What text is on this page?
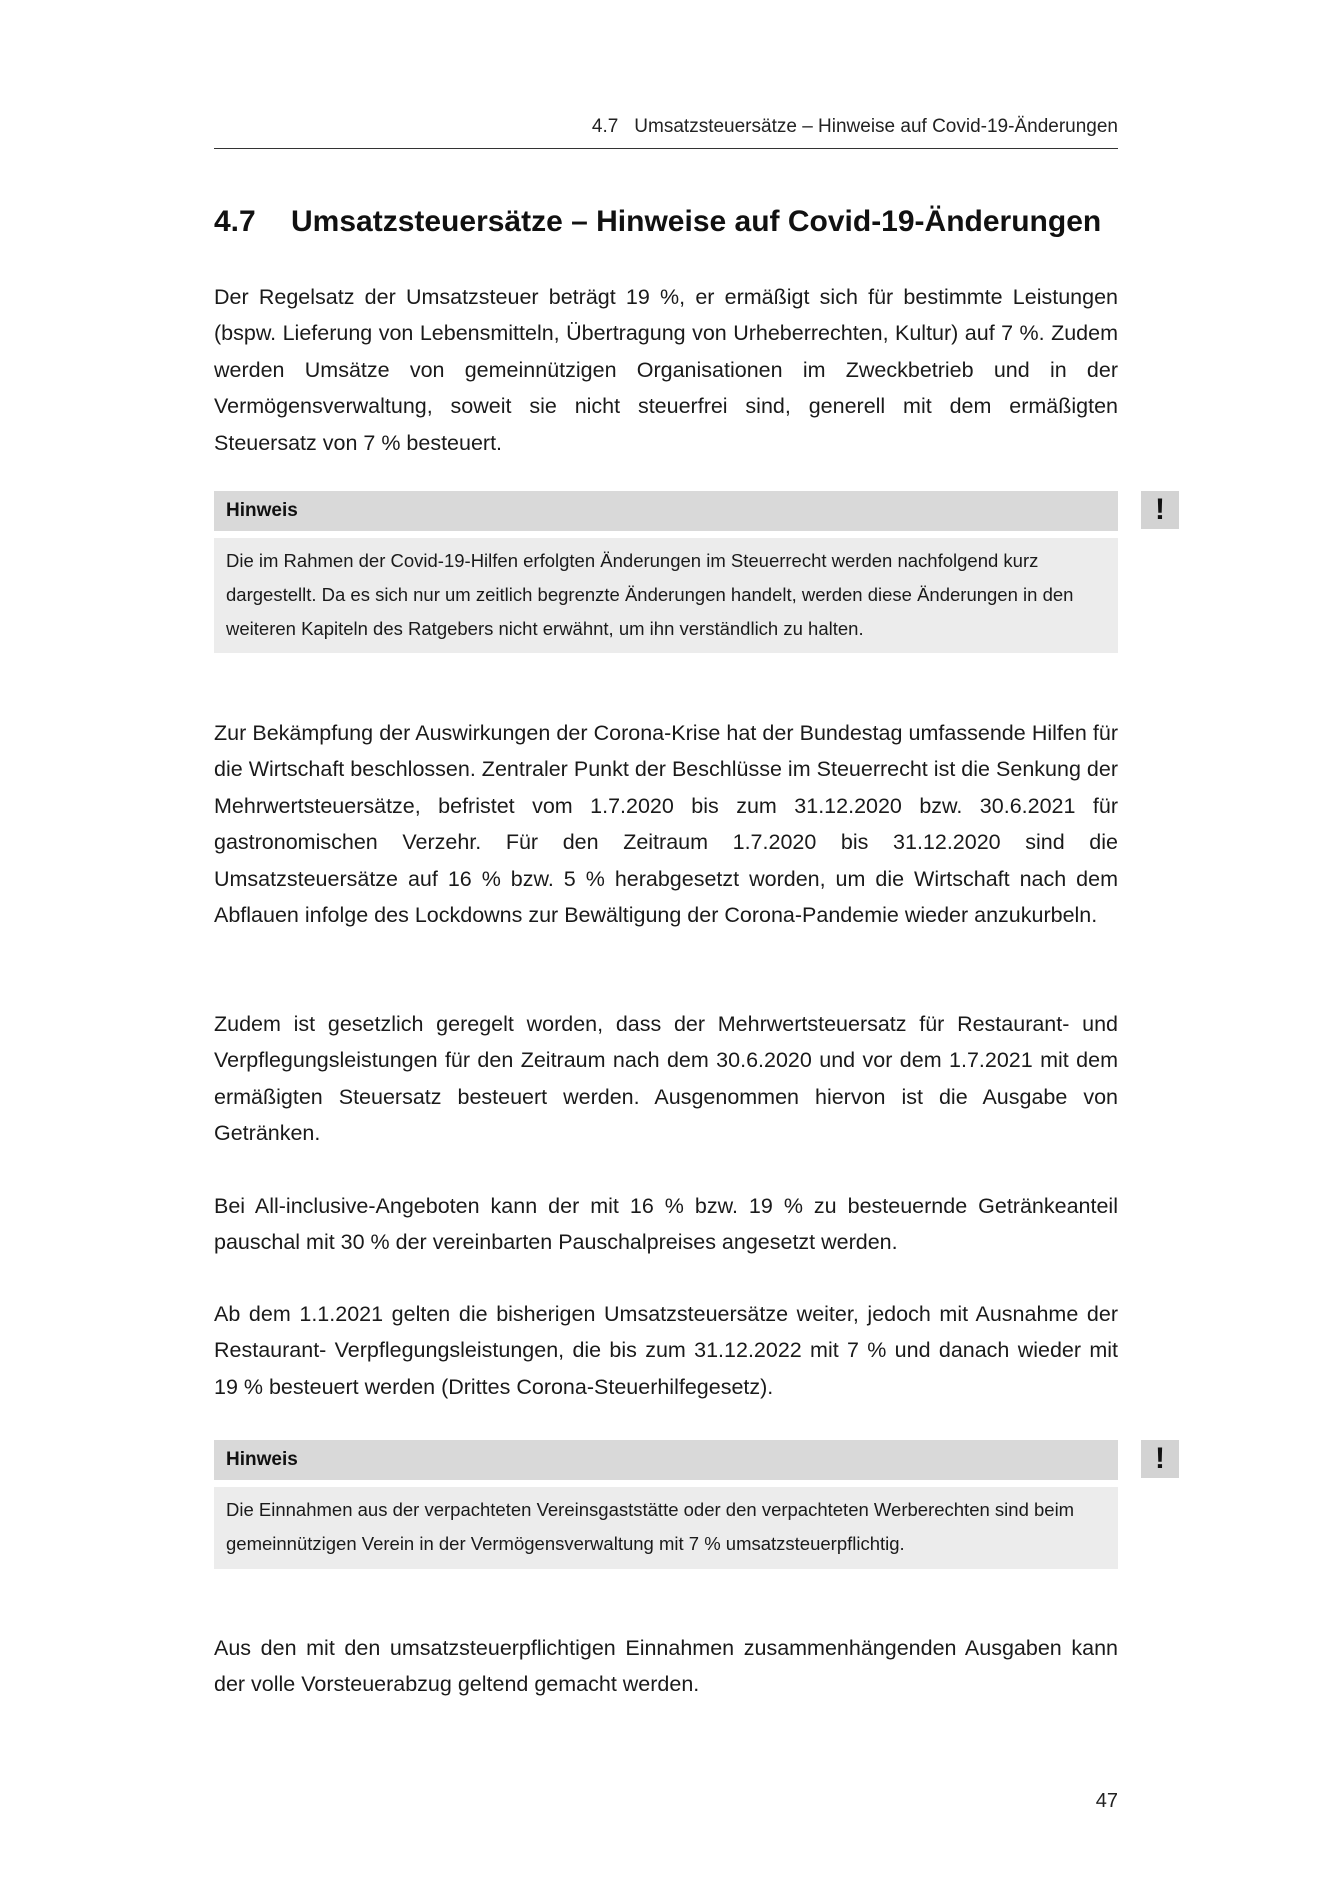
4.7 Umsatzsteuersätze – Hinweise auf Covid-19-Änderungen
4.7 Umsatzsteuersätze – Hinweise auf Covid-19-Änderungen

Der Regelsatz der Umsatzsteuer beträgt 19 %, er ermäßigt sich für bestimmte Leistungen (bspw. Lieferung von Lebensmitteln, Übertragung von Urheberrechten, Kultur) auf 7 %. Zudem werden Umsätze von gemeinnützigen Organisationen im Zweckbetrieb und in der Vermögensverwaltung, soweit sie nicht steuerfrei sind, generell mit dem ermäßigten Steuersatz von 7 % besteuert.

Hinweis
Die im Rahmen der Covid-19-Hilfen erfolgten Änderungen im Steuerrecht werden nachfolgend kurz dargestellt. Da es sich nur um zeitlich begrenzte Änderungen handelt, werden diese Änderungen in den weiteren Kapiteln des Ratgebers nicht erwähnt, um ihn verständlich zu halten.

Zur Bekämpfung der Auswirkungen der Corona-Krise hat der Bundestag umfassende Hilfen für die Wirtschaft beschlossen. Zentraler Punkt der Beschlüsse im Steuerrecht ist die Senkung der Mehrwertsteuersätze, befristet vom 1.7.2020 bis zum 31.12.2020 bzw. 30.6.2021 für gastronomischen Verzehr. Für den Zeitraum 1.7.2020 bis 31.12.2020 sind die Umsatzsteuersätze auf 16 % bzw. 5 % herabgesetzt worden, um die Wirtschaft nach dem Abflauen infolge des Lockdowns zur Bewältigung der Corona-Pandemie wieder anzukurbeln.

Zudem ist gesetzlich geregelt worden, dass der Mehrwertsteuersatz für Restaurant- und Verpflegungsleistungen für den Zeitraum nach dem 30.6.2020 und vor dem 1.7.2021 mit dem ermäßigten Steuersatz besteuert werden. Ausgenommen hiervon ist die Ausgabe von Getränken.

Bei All-inclusive-Angeboten kann der mit 16 % bzw. 19 % zu besteuernde Getränkeanteil pauschal mit 30 % der vereinbarten Pauschalpreises angesetzt werden.

Ab dem 1.1.2021 gelten die bisherigen Umsatzsteuersätze weiter, jedoch mit Ausnahme der Restaurant- Verpflegungsleistungen, die bis zum 31.12.2022 mit 7 % und danach wieder mit 19 % besteuert werden (Drittes Corona-Steuerhilfegesetz).

Hinweis
Die Einnahmen aus der verpachteten Vereinsgaststätte oder den verpachteten Werberechten sind beim gemeinnützigen Verein in der Vermögensverwaltung mit 7 % umsatzsteuerpflichtig.

Aus den mit den umsatzsteuerpflichtigen Einnahmen zusammenhängenden Ausgaben kann der volle Vorsteuerabzug geltend gemacht werden.

47
!
!
